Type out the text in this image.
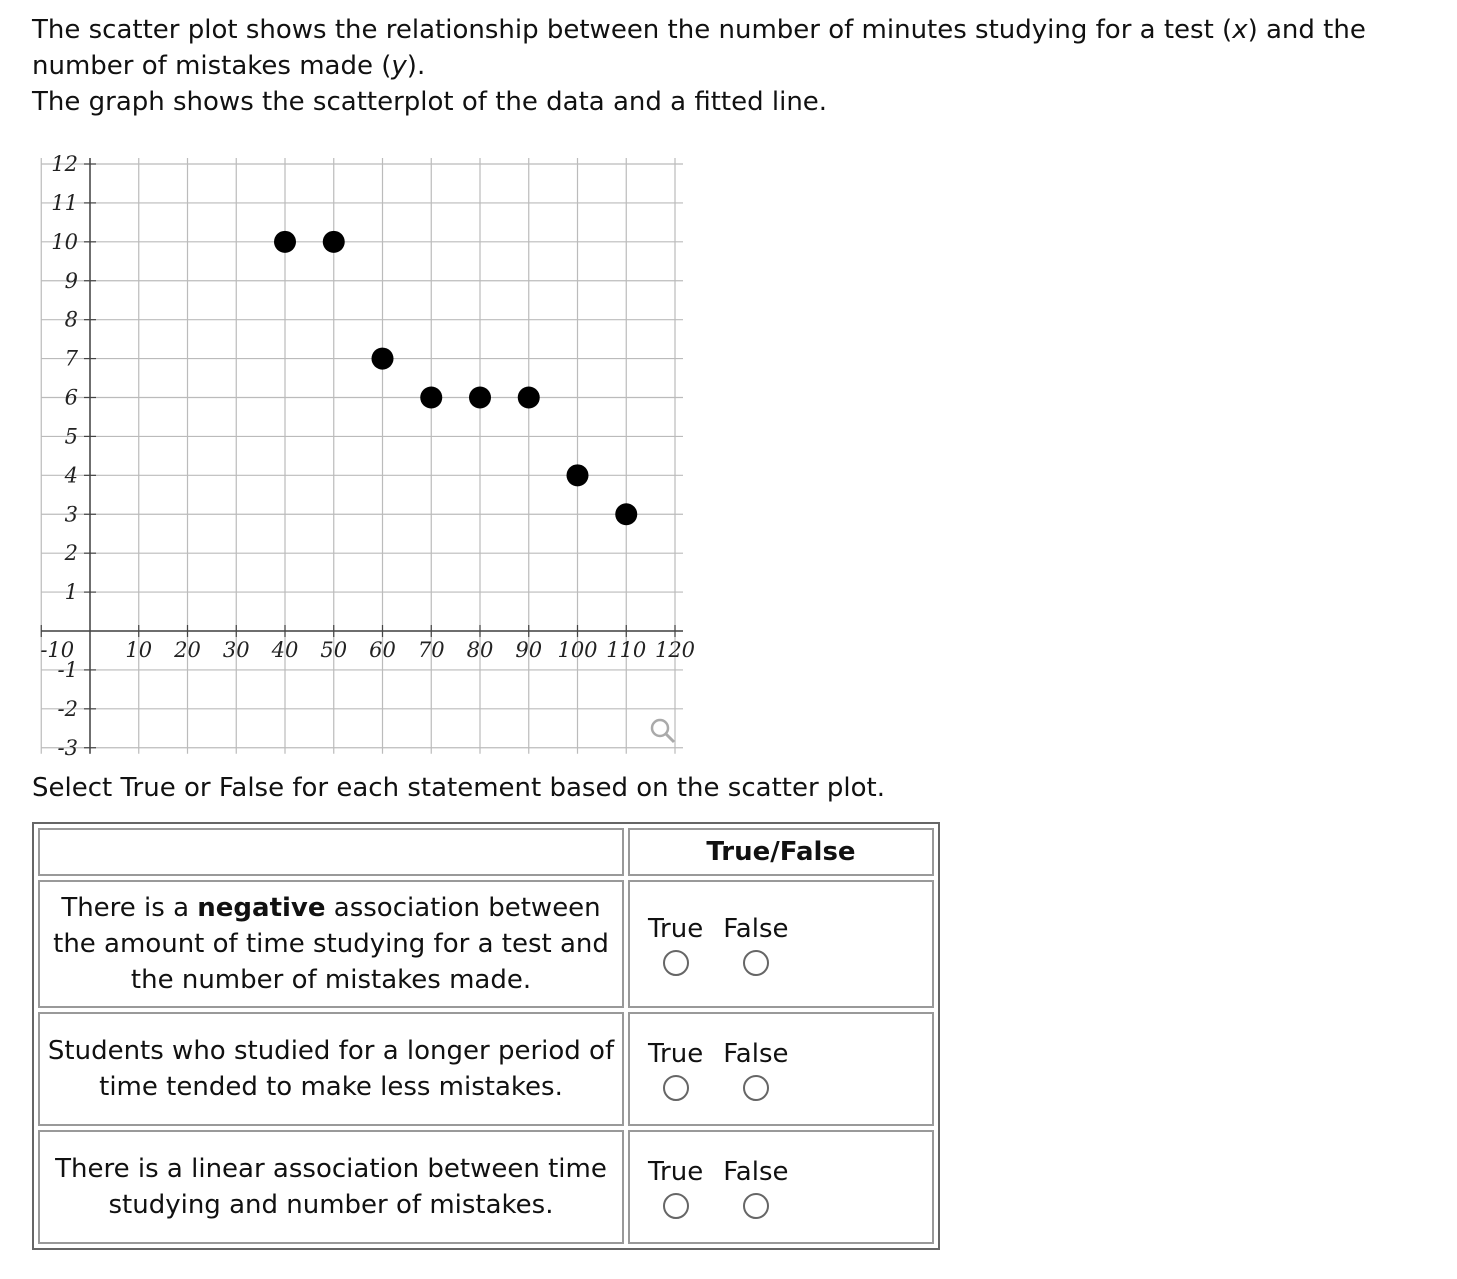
The scatter plot shows the relationship between the number of minutes studying for a test (x) and the number of mistakes made (y).

The graph shows the scatterplot of the data and a fitted line.

-10 10 20 30 40 50 60 70 80 90 100 110 120
12
11
10
9
8
7
6
5
4
3
2
1
-1
-2
-3

Select True or False for each statement based on the scatter plot.

	True/False
There is a negative association between the amount of time studying for a test and the number of mistakes made.	True False

Students who studied for a longer period of time tended to make less mistakes.	True False

There is a linear association between time studying and number of mistakes.	True False
